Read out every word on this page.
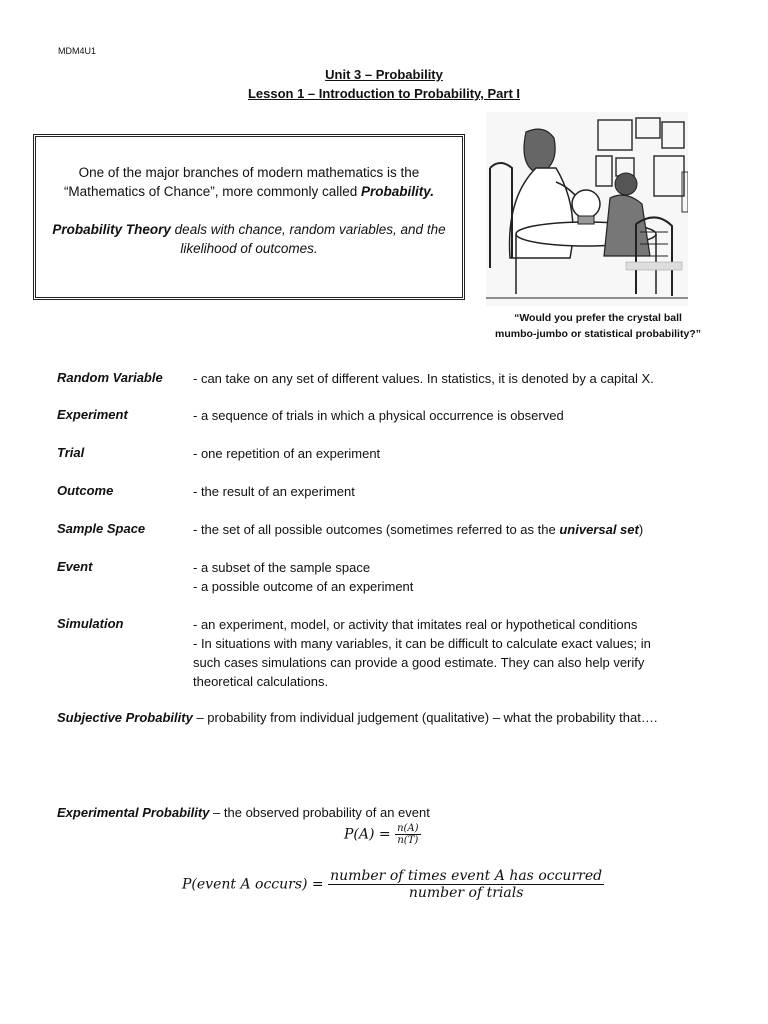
MDM4U1
Unit 3 – Probability
Lesson 1 – Introduction to Probability, Part I

One of the major branches of modern mathematics is the

“Mathematics of Chance”, more commonly called Probability.

Probability Theory deals with chance, random variables, and the

likelihood of outcomes.

“Would you prefer the crystal ball
mumbo-jumbo or statistical probability?”
Random Variable - can take on any set of different values. In statistics, it is denoted by a capital X.
Experiment	- a sequence of trials in which a physical occurrence is observed
Trial	- one repetition of an experiment
Outcome	- the result of an experiment
Sample Space	- the set of all possible outcomes (sometimes referred to as the universal set)
Event	- a subset of the sample space
- a possible outcome of an experiment
Simulation	- an experiment, model, or activity that imitates real or hypothetical conditions
- In situations with many variables, it can be difficult to calculate exact values; in
such cases simulations can provide a good estimate. They can also help verify
theoretical calculations.
Subjective Probability – probability from individual judgement (qualitative) – what the probability that….
Experimental Probability – the observed probability of an event
$P(A) = \frac{n(A)}{n(T)}$
P(event A occurs) = $\frac{\text{number of times event A has occurred}}{\text{number of trials}}$
